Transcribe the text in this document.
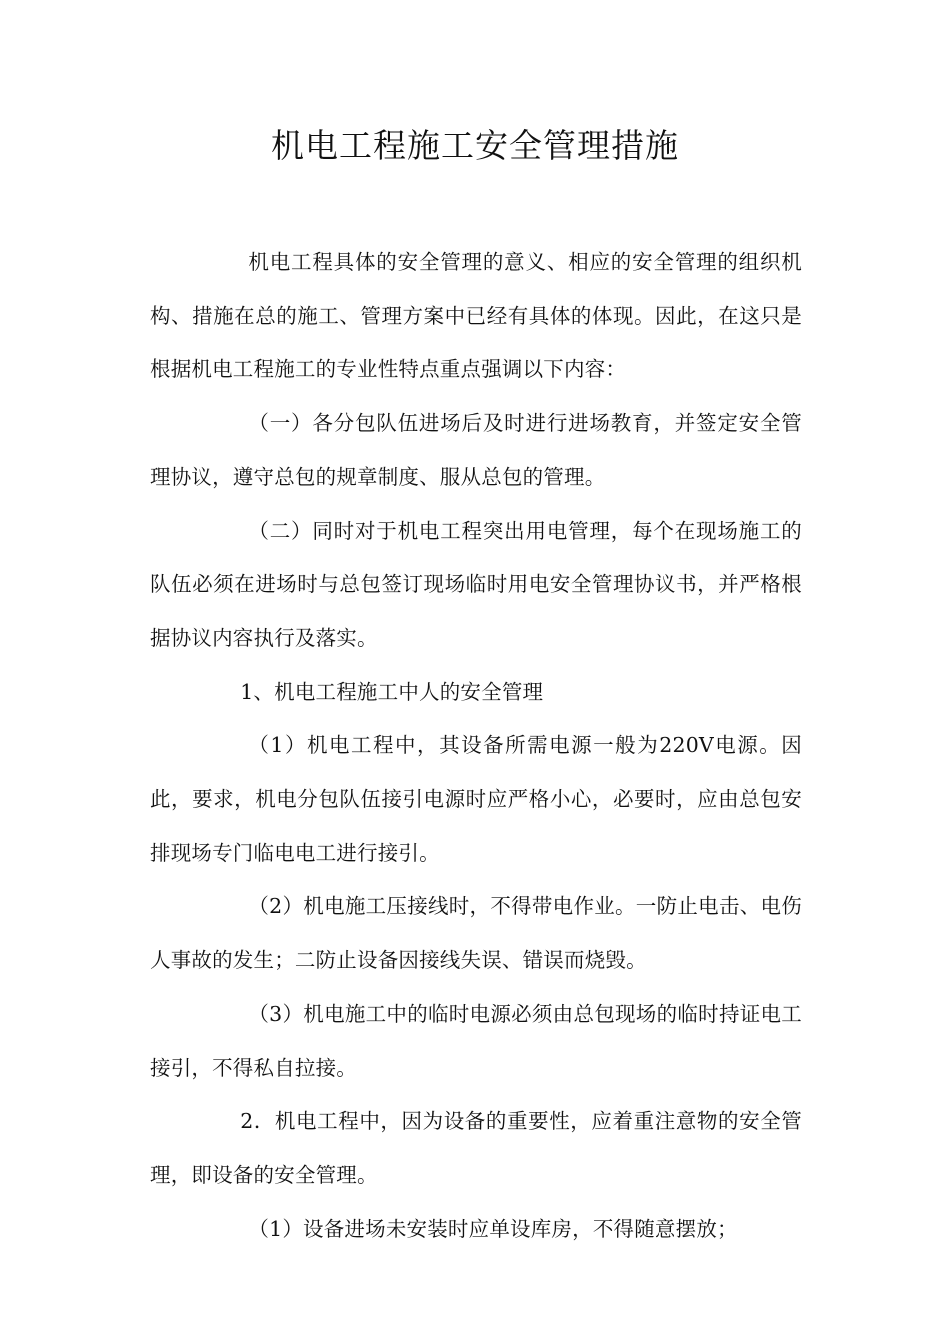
机电工程施工安全管理措施

机电工程具体的安全管理的意义、相应的安全管理的组织机构、措施在总的施工、管理方案中已经有具体的体现。因此，在这只是根据机电工程施工的专业性特点重点强调以下内容：

（一）各分包队伍进场后及时进行进场教育，并签定安全管理协议，遵守总包的规章制度、服从总包的管理。

（二）同时对于机电工程突出用电管理，每个在现场施工的队伍必须在进场时与总包签订现场临时用电安全管理协议书，并严格根据协议内容执行及落实。

1、机电工程施工中人的安全管理

（1）机电工程中，其设备所需电源一般为220V电源。因此，要求，机电分包队伍接引电源时应严格小心，必要时，应由总包安排现场专门临电电工进行接引。

（2）机电施工压接线时，不得带电作业。一防止电击、电伤人事故的发生；二防止设备因接线失误、错误而烧毁。

（3）机电施工中的临时电源必须由总包现场的临时持证电工接引，不得私自拉接。

2．机电工程中，因为设备的重要性，应着重注意物的安全管理，即设备的安全管理。

（1）设备进场未安装时应单设库房，不得随意摆放；
